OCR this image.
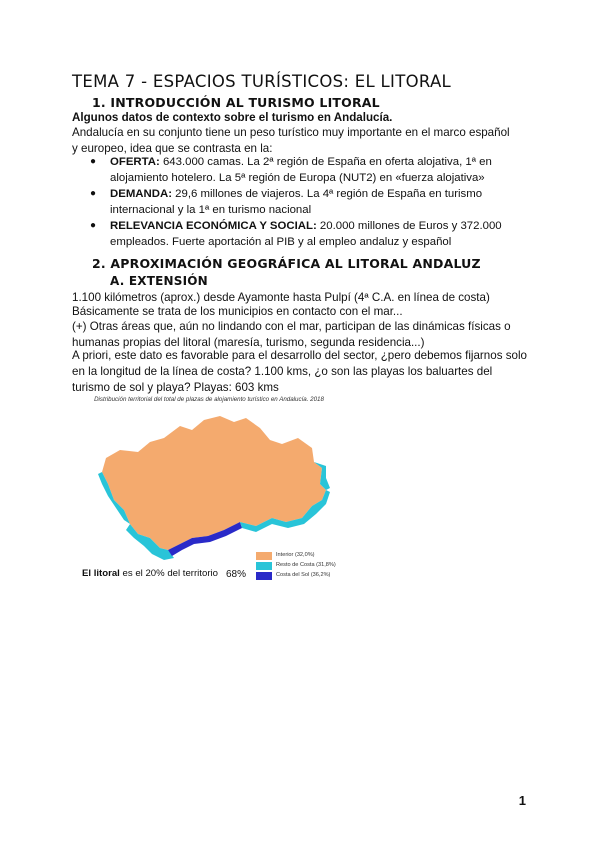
TEMA 7 - ESPACIOS TURÍSTICOS: EL LITORAL
1. INTRODUCCIÓN AL TURISMO LITORAL
Algunos datos de contexto sobre el turismo en Andalucía.
Andalucía en su conjunto tiene un peso turístico muy importante en el marco español y europeo, idea que se contrasta en la:
● OFERTA: 643.000 camas. La 2ª región de España en oferta alojativa, 1ª en alojamiento hotelero. La 5ª región de Europa (NUT2) en «fuerza alojativa»
● DEMANDA: 29,6 millones de viajeros. La 4ª región de España en turismo internacional y la 1ª en turismo nacional
● RELEVANCIA ECONÓMICA Y SOCIAL: 20.000 millones de Euros y 372.000 empleados. Fuerte aportación al PIB y al empleo andaluz y español
2. APROXIMACIÓN GEOGRÁFICA AL LITORAL ANDALUZ
A. EXTENSIÓN
1.100 kilómetros (aprox.) desde Ayamonte hasta Pulpí (4ª C.A. en línea de costa)
Básicamente se trata de los municipios en contacto con el mar...
(+) Otras áreas que, aún no lindando con el mar, participan de las dinámicas físicas o humanas propias del litoral (maresía, turismo, segunda residencia...)
A priori, este dato es favorable para el desarrollo del sector, ¿pero debemos fijarnos solo en la longitud de la línea de costa? 1.100 kms, ¿o son las playas los baluartes del turismo de sol y playa? Playas: 603 kms
Distribución territorial del total de plazas de alojamiento turístico en Andalucía. 2018
Interior (32,0%)
Resto de Costa (31,8%)
Costa del Sol (36,2%)
El litoral es el 20% del territorio 68%
1
